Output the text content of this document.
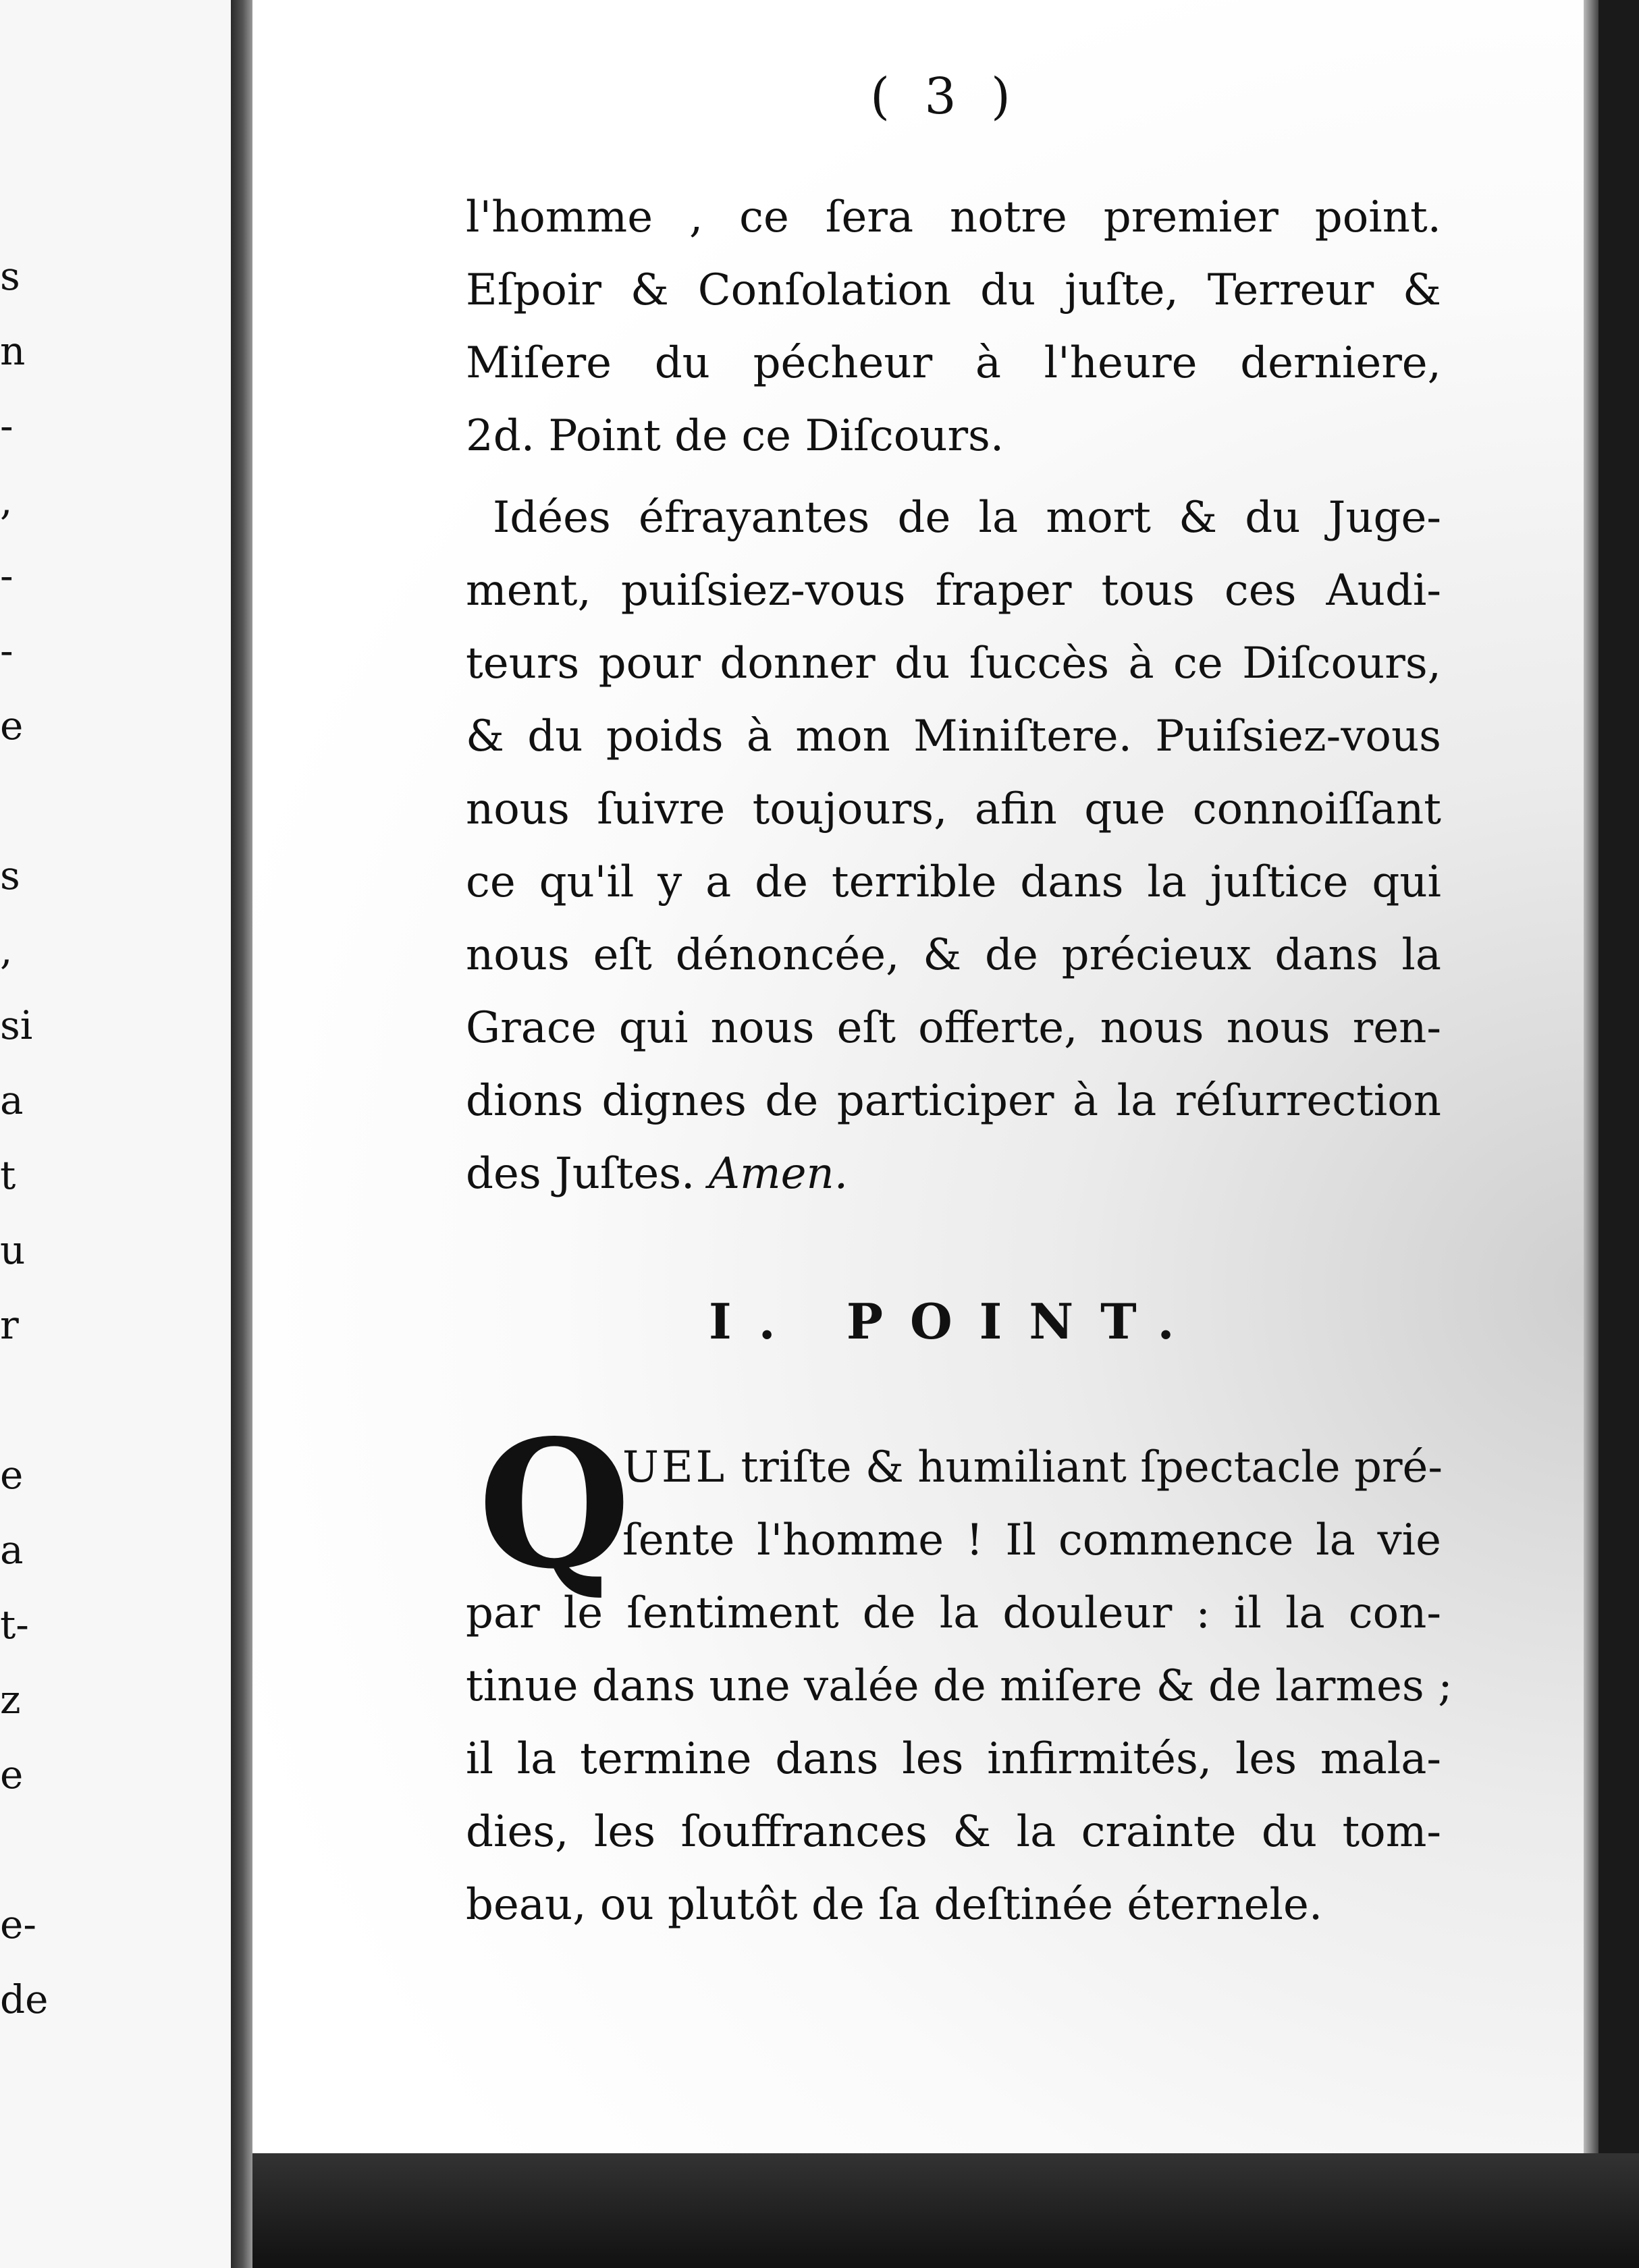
s
n
-
,
-
-
e
s
,
si
a
t
u
r
e
a
t-
z
e
e-
de
( 3 )
l'homme , ce ſera notre premier point.
Eſpoir & Conſolation du juſte, Terreur &
Miſere du pécheur à l'heure derniere,
2d. Point de ce Diſcours.
Idées éfrayantes de la mort & du Juge-
ment, puiſsiez-vous fraper tous ces Audi-
teurs pour donner du ſuccès à ce Diſcours,
& du poids à mon Miniſtere. Puiſsiez-vous
nous ſuivre toujours, afin que connoiſſant
ce qu'il y a de terrible dans la juſtice qui
nous eſt dénoncée, & de précieux dans la
Grace qui nous eſt offerte, nous nous ren-
dions dignes de participer à la réſurrection
des Juſtes. Amen.
I. POINT.
Q
UEL triſte & humiliant ſpectacle pré-
ſente l'homme ! Il commence la vie
par le ſentiment de la douleur : il la con-
tinue dans une valée de miſere & de larmes ;
il la termine dans les infirmités, les mala-
dies, les ſouffrances & la crainte du tom-
beau, ou plutôt de ſa deſtinée éternele.
